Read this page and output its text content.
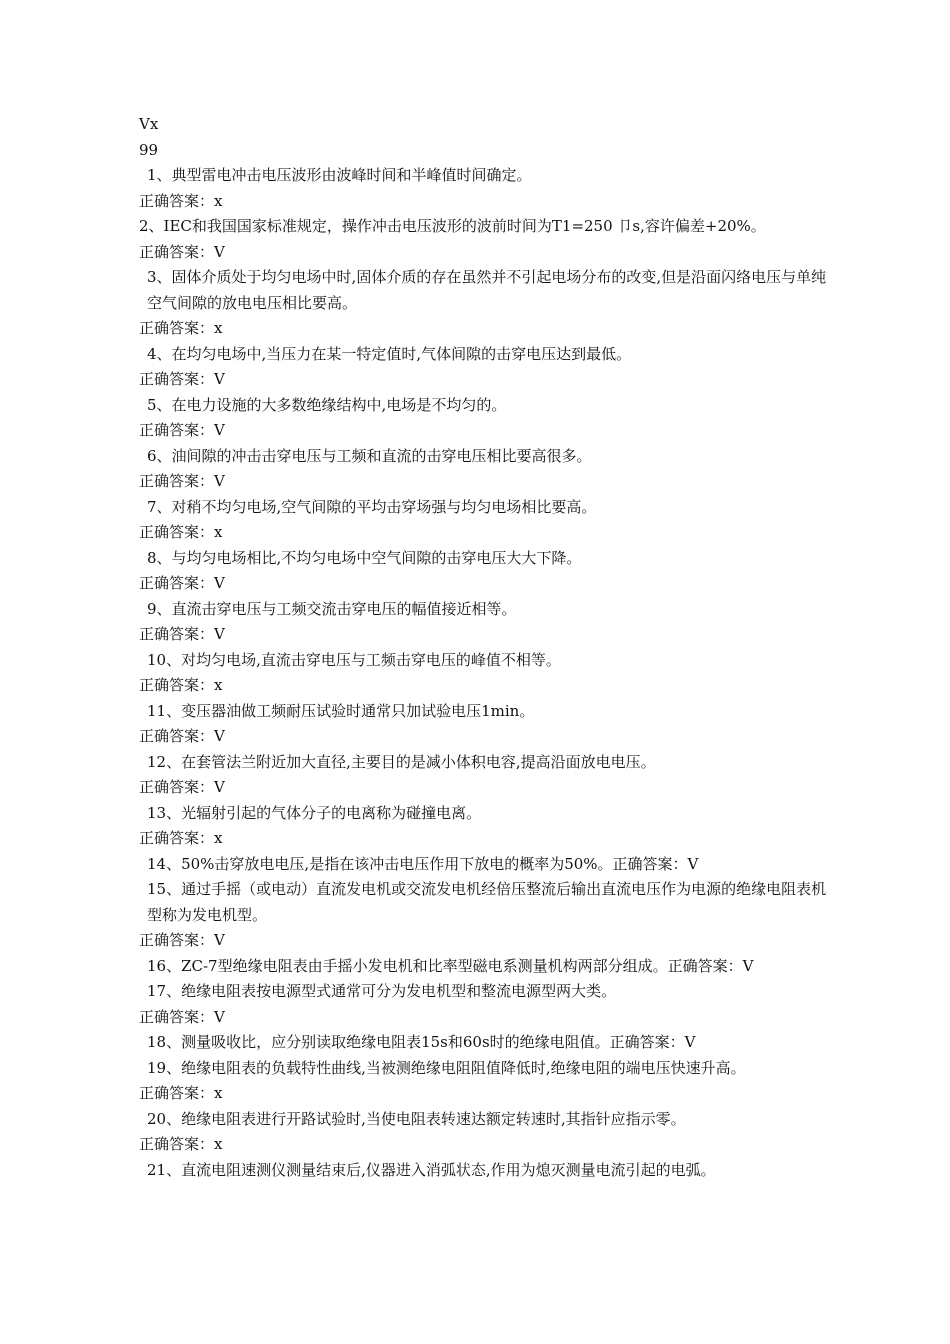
Vx

99

1、典型雷电冲击电压波形由波峰时间和半峰值时间确定。

正确答案：x

2、IEC和我国国家标准规定，操作冲击电压波形的波前时间为T1=250 卩s,容许偏差+20%。

正确答案：V

3、固体介质处于均匀电场中时,固体介质的存在虽然并不引起电场分布的改变,但是沿面闪络电压与单纯空气间隙的放电电压相比要高。

正确答案：x

4、在均匀电场中,当压力在某一特定值时,气体间隙的击穿电压达到最低。

正确答案：V

5、在电力设施的大多数绝缘结构中,电场是不均匀的。

正确答案：V

6、油间隙的冲击击穿电压与工频和直流的击穿电压相比要高很多。

正确答案：V

7、对稍不均匀电场,空气间隙的平均击穿场强与均匀电场相比要高。

正确答案：x

8、与均匀电场相比,不均匀电场中空气间隙的击穿电压大大下降。

正确答案：V

9、直流击穿电压与工频交流击穿电压的幅值接近相等。

正确答案：V

10、对均匀电场,直流击穿电压与工频击穿电压的峰值不相等。

正确答案：x

11、变压器油做工频耐压试验时通常只加试验电压1min。

正确答案：V

12、在套管法兰附近加大直径,主要目的是减小体积电容,提高沿面放电电压。

正确答案：V

13、光辐射引起的气体分子的电离称为碰撞电离。

正确答案：x

14、50%击穿放电电压,是指在该冲击电压作用下放电的概率为50%。正确答案：V

15、通过手摇（或电动）直流发电机或交流发电机经倍压整流后输出直流电压作为电源的绝缘电阻表机型称为发电机型。

正确答案：V

16、ZC-7型绝缘电阻表由手摇小发电机和比率型磁电系测量机构两部分组成。正确答案：V

17、绝缘电阻表按电源型式通常可分为发电机型和整流电源型两大类。

正确答案：V

18、测量吸收比，应分别读取绝缘电阻表15s和60s时的绝缘电阻值。正确答案：V

19、绝缘电阻表的负载特性曲线,当被测绝缘电阻阻值降低时,绝缘电阻的端电压快速升高。

正确答案：x

20、绝缘电阻表进行开路试验时,当使电阻表转速达额定转速时,其指针应指示零。

正确答案：x

21、直流电阻速测仪测量结束后,仪器进入消弧状态,作用为熄灭测量电流引起的电弧。
